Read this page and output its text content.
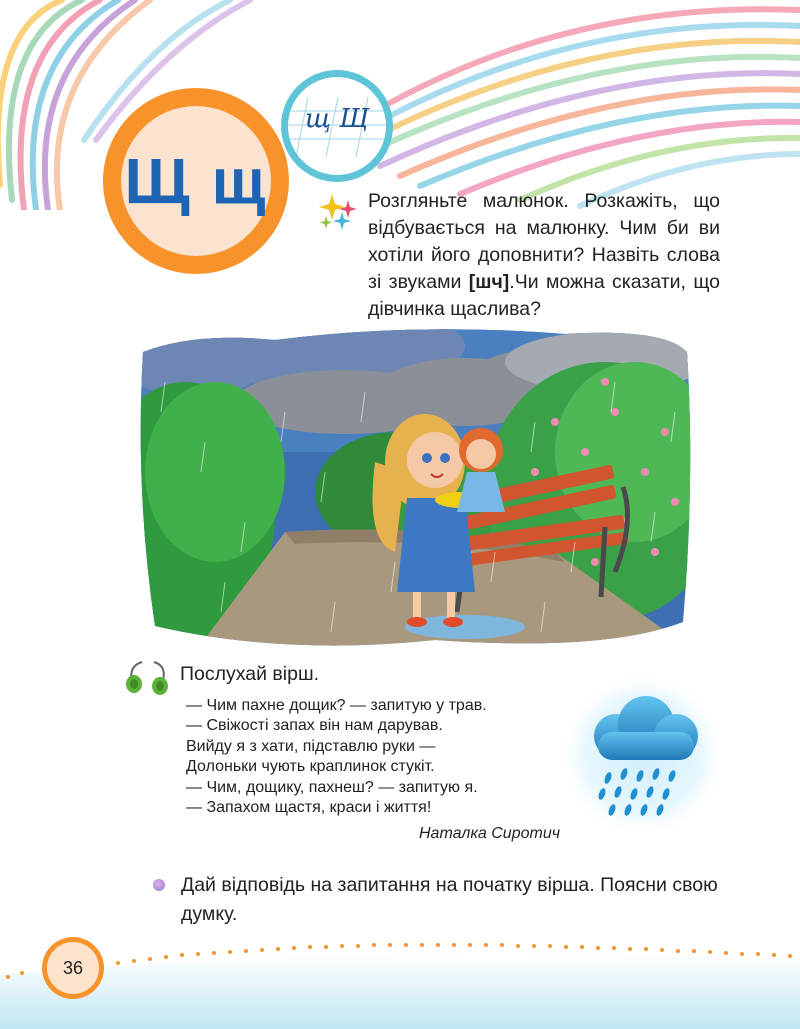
Щ щ
щ Щ
Розгляньте малюнок. Розкажіть, що відбувається на малюнку. Чим би ви хотіли його доповнити? Назвіть слова зі звуками [шч].Чи можна сказати, що дівчинка щаслива?
Послухай вірш.
— Чим пахне дощик? — запитую у трав.
— Свіжості запах він нам дарував.
Вийду я з хати, підставлю руки —
Долоньки чують краплинок стукіт.
— Чим, дощику, пахнеш? — запитую я.
— Запахом щастя, краси і життя!
Наталка Сиротич
Дай відповідь на запитання на початку вірша. Поясни свою думку.
36
